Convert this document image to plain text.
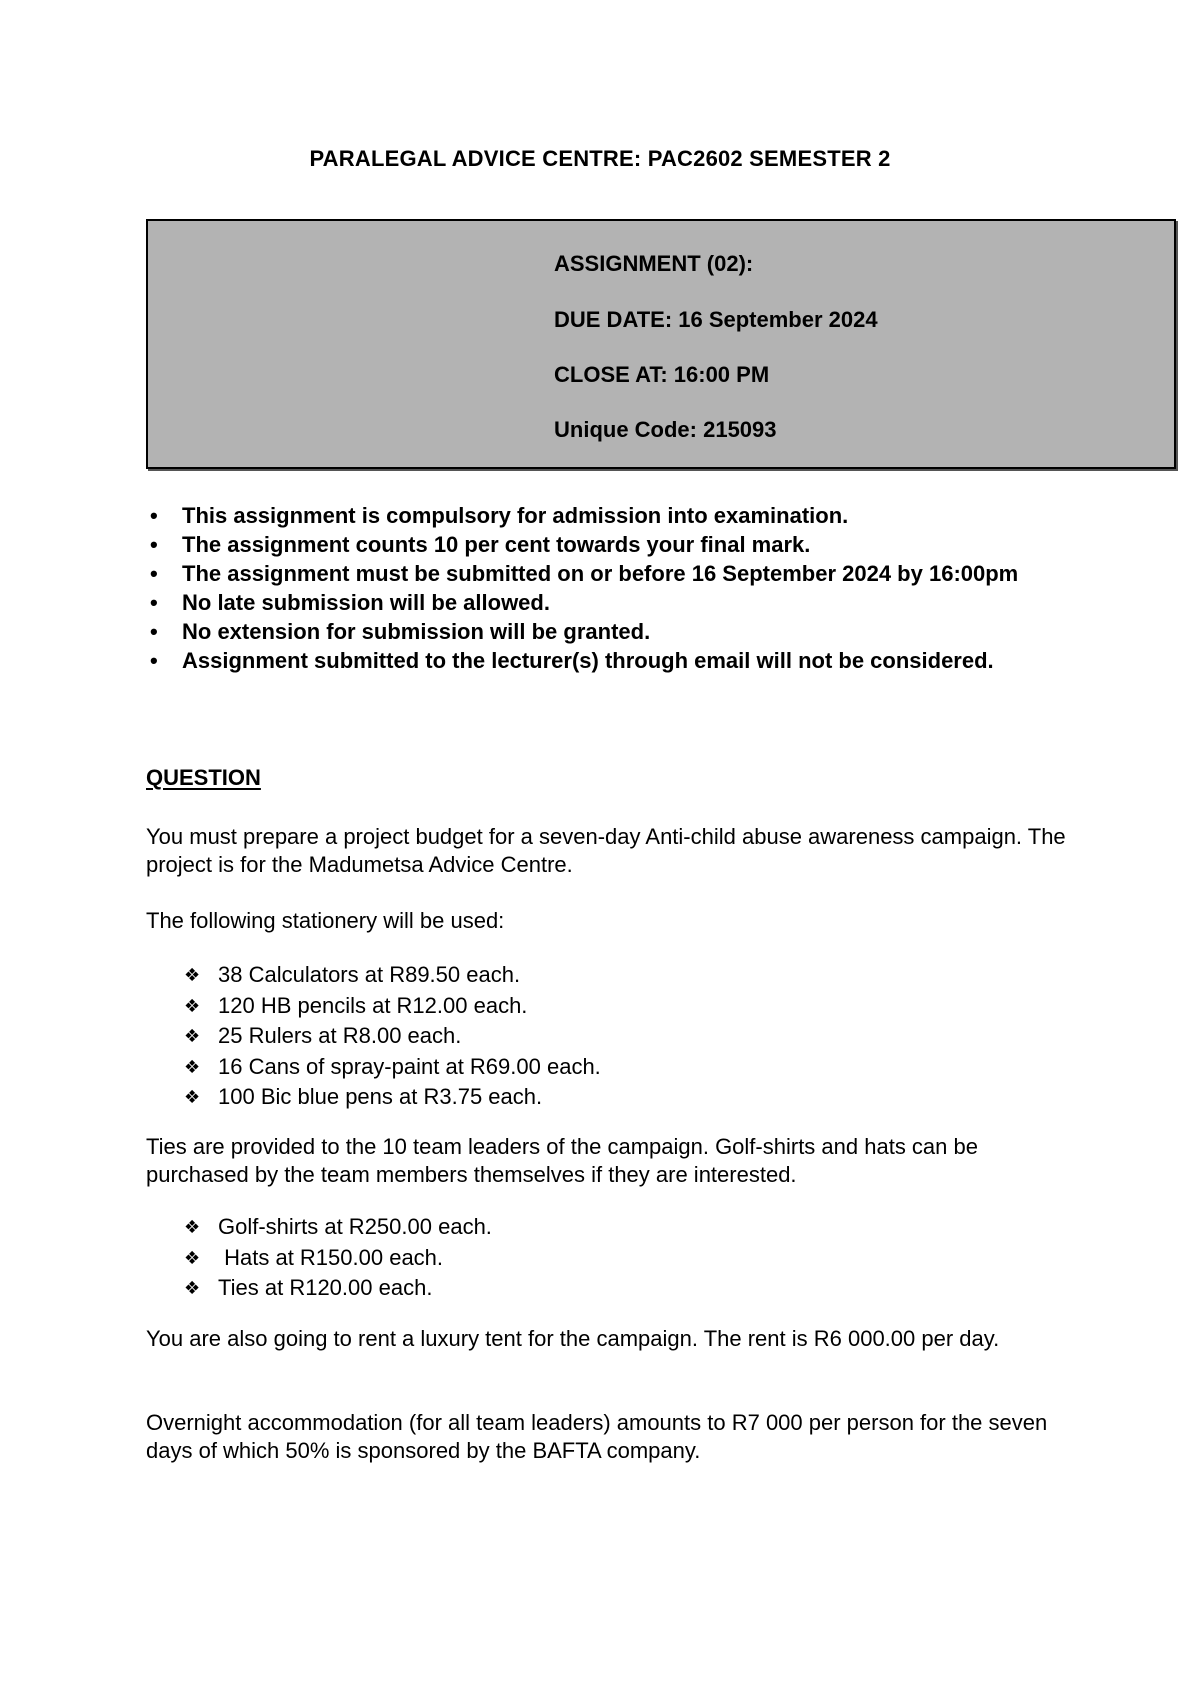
PARALEGAL ADVICE CENTRE: PAC2602 SEMESTER 2
ASSIGNMENT (02):
DUE DATE: 16 September 2024
CLOSE AT: 16:00 PM
Unique Code: 215093
•	This assignment is compulsory for admission into examination.
•	The assignment counts 10 per cent towards your final mark.
•	The assignment must be submitted on or before 16 September 2024 by 16:00pm
•	No late submission will be allowed.
•	No extension for submission will be granted.
•	Assignment submitted to the lecturer(s) through email will not be considered.
QUESTION

You must prepare a project budget for a seven-day Anti-child abuse awareness campaign. The project is for the Madumetsa Advice Centre.

The following stationery will be used:

❖ 38 Calculators at R89.50 each.
❖ 120 HB pencils at R12.00 each.
❖ 25 Rulers at R8.00 each.
❖ 16 Cans of spray-paint at R69.00 each.
❖ 100 Bic blue pens at R3.75 each.

Ties are provided to the 10 team leaders of the campaign. Golf-shirts and hats can be purchased by the team members themselves if they are interested.

❖ Golf-shirts at R250.00 each.
❖ Hats at R150.00 each.
❖ Ties at R120.00 each.

You are also going to rent a luxury tent for the campaign. The rent is R6 000.00 per day.

Overnight accommodation (for all team leaders) amounts to R7 000 per person for the seven days of which 50% is sponsored by the BAFTA company.
